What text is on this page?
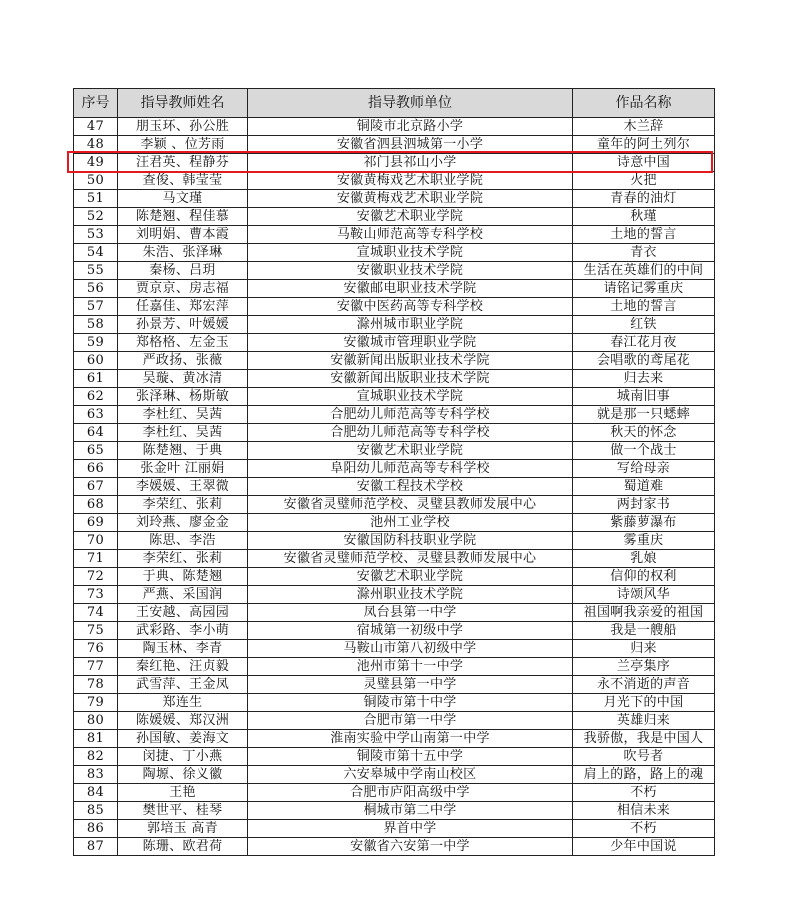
序号	指导教师姓名	指导教师单位	作品名称
47	朋玉环、孙公胜	铜陵市北京路小学	木兰辞
48	李颖 、位芳雨	安徽省泗县泗城第一小学	童年的阿土列尔
49	汪君英、程静芬	祁门县祁山小学	诗意中国
50	查俊、韩莹莹	安徽黄梅戏艺术职业学院	火把
51	马文瑾	安徽黄梅戏艺术职业学院	青春的油灯
52	陈楚翘、程佳慕	安徽艺术职业学院	秋瑾
53	刘明娟、曹本霞	马鞍山师范高等专科学校	土地的誓言
54	朱浩、张泽琳	宣城职业技术学院	青衣
55	秦杨、吕玥	安徽职业技术学院	生活在英雄们的中间
56	贾京京、房志福	安徽邮电职业技术学院	请铭记雾重庆
57	任嘉佳、郑宏萍	安徽中医药高等专科学校	土地的誓言
58	孙景芳、叶媛媛	滁州城市职业学院	红铁
59	郑格格、左金玉	安徽城市管理职业学院	春江花月夜
60	严政扬、张薇	安徽新闻出版职业技术学院	会唱歌的鸢尾花
61	吴璇、黄冰清	安徽新闻出版职业技术学院	归去来
62	张泽琳、杨斯敏	宣城职业技术学院	城南旧事
63	李杜红、吴茜	合肥幼儿师范高等专科学校	就是那一只蟋蟀
64	李杜红、吴茜	合肥幼儿师范高等专科学校	秋天的怀念
65	陈楚翘、于典	安徽艺术职业学院	做一个战士
66	张金叶 江丽娟	阜阳幼儿师范高等专科学校	写给母亲
67	李媛媛、王翠微	安徽工程技术学校	蜀道难
68	李荣红、张莉	安徽省灵璧师范学校、灵璧县教师发展中心	两封家书
69	刘玲燕、廖金金	池州工业学校	紫藤萝瀑布
70	陈思、李浩	安徽国防科技职业学院	雾重庆
71	李荣红、张莉	安徽省灵璧师范学校、灵璧县教师发展中心	乳娘
72	于典、陈楚翘	安徽艺术职业学院	信仰的权利
73	严燕、采国润	滁州职业技术学院	诗颂风华
74	王安越、高园园	凤台县第一中学	祖国啊我亲爱的祖国
75	武彩路、李小萌	宿城第一初级中学	我是一艘船
76	陶玉林、李青	马鞍山市第八初级中学	归来
77	秦红艳、汪贞毅	池州市第十一中学	兰亭集序
78	武雪萍、王金凤	灵璧县第一中学	永不消逝的声音
79	郑连生	铜陵市第十中学	月光下的中国
80	陈媛媛、郑汉洲	合肥市第一中学	英雄归来
81	孙国敏、姜海文	淮南实验中学山南第一中学	我骄傲，我是中国人
82	闵捷、丁小燕	铜陵市第十五中学	吹号者
83	陶塬、徐义徽	六安皋城中学南山校区	肩上的路，路上的魂
84	王艳	合肥市庐阳高级中学	不朽
85	樊世平、桂琴	桐城市第二中学	相信未来
86	郭培玉 高青	界首中学	不朽
87	陈珊、欧君荷	安徽省六安第一中学	少年中国说
